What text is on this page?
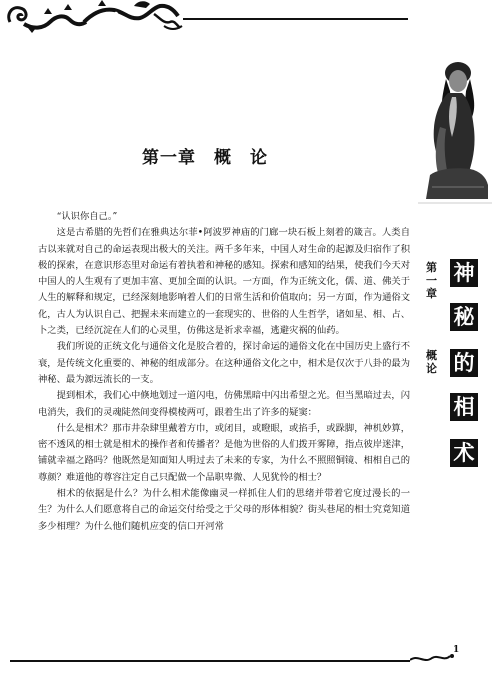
第一章　概　论

“认识你自己。”

这是古希腊的先哲们在雅典达尔菲•阿波罗神庙的门廊一块石板上刻着的箴言。人类自古以来就对自己的命运表现出极大的关注。两千多年来，中国人对生命的起源及归宿作了积极的探索，在意识形态里对命运有着执着和神秘的感知。探索和感知的结果，使我们今天对中国人的人生观有了更加丰富、更加全面的认识。一方面，作为正统文化，儒、道、佛关于人生的解释和规定，已经深刻地影响着人们的日常生活和价值取向；另一方面，作为通俗文化，古人为认识自己、把握未来而建立的一套现实的、世俗的人生哲学，诸如星、相、占、卜之类，已经沉淀在人们的心灵里，仿佛这是祈求幸福，逃避灾祸的仙药。

我们所说的正统文化与通俗文化是胶合着的，探讨命运的通俗文化在中国历史上盛行不衰，是传统文化重要的、神秘的组成部分。在这种通俗文化之中，相术是仅次于八卦的最为神秘、最为源远流长的一支。

提到相术，我们心中倏地划过一道闪电，仿佛黑暗中闪出希望之光。但当黑暗过去，闪电消失，我们的灵魂陡然间变得模棱两可，跟着生出了许多的疑窦：

什么是相术？那市井杂肆里戴着方巾，或闭目，或瞪眼，或掐手，或跺脚，神机妙算，密不透风的相士就是相术的操作者和传播者？是他为世俗的人们拨开雾障，指点彼岸迷津，铺就幸福之路吗？他既然是知面知人明过去了未来的专家，为什么不照照铜镜、相相自己的尊颜？难道他的尊容注定自己只配做一个品职卑微、人见犹怜的相士？

相术的依据是什么？为什么相术能像幽灵一样抓住人们的思绪并带着它度过漫长的一生？为什么人们愿意将自己的命运交付给受之于父母的形体相貌？街头巷尾的相士究竟知道多少相理？为什么他们随机应变的信口开河常

第
一
章
概
论
神
秘
的
相
术
1
